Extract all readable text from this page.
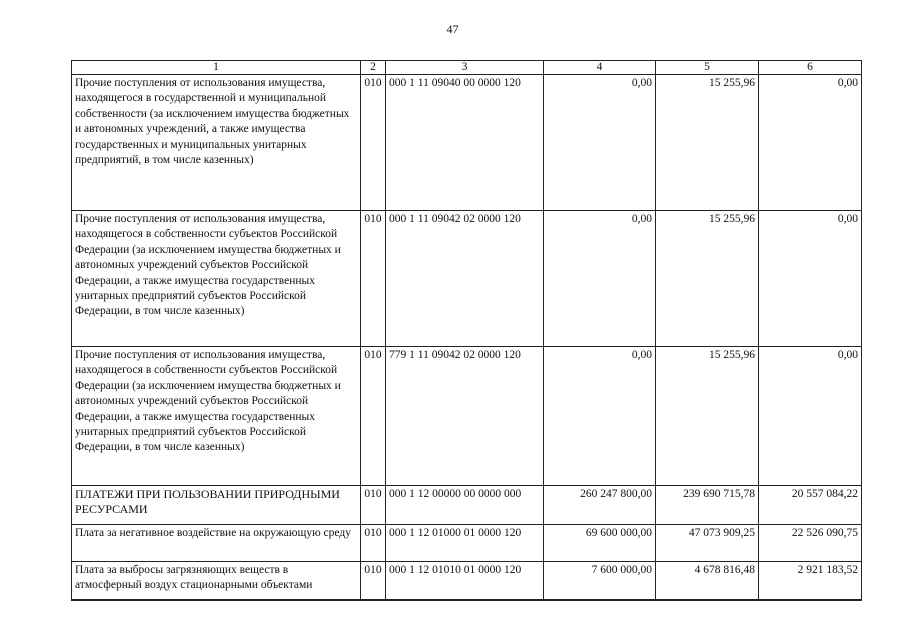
47
1	2	3	4	5	6
Прочие поступления от использования имущества, находящегося в государственной и муниципальной собственности (за исключением имущества бюджетных и автономных учреждений, а также имущества государственных и муниципальных унитарных предприятий, в том числе казенных)	010	000 1 11 09040 00 0000 120	0,00	15 255,96	0,00
Прочие поступления от использования имущества, находящегося в собственности субъектов Российской Федерации (за исключением имущества бюджетных и автономных учреждений субъектов Российской Федерации, а также имущества государственных унитарных предприятий субъектов Российской Федерации, в том числе казенных)	010	000 1 11 09042 02 0000 120	0,00	15 255,96	0,00
Прочие поступления от использования имущества, находящегося в собственности субъектов Российской Федерации (за исключением имущества бюджетных и автономных учреждений субъектов Российской Федерации, а также имущества государственных унитарных предприятий субъектов Российской Федерации, в том числе казенных)	010	779 1 11 09042 02 0000 120	0,00	15 255,96	0,00
ПЛАТЕЖИ ПРИ ПОЛЬЗОВАНИИ ПРИРОДНЫМИ РЕСУРСАМИ	010	000 1 12 00000 00 0000 000	260 247 800,00	239 690 715,78	20 557 084,22
Плата за негативное воздействие на окружающую среду	010	000 1 12 01000 01 0000 120	69 600 000,00	47 073 909,25	22 526 090,75
Плата за выбросы загрязняющих веществ в атмосферный воздух стационарными объектами	010	000 1 12 01010 01 0000 120	7 600 000,00	4 678 816,48	2 921 183,52
